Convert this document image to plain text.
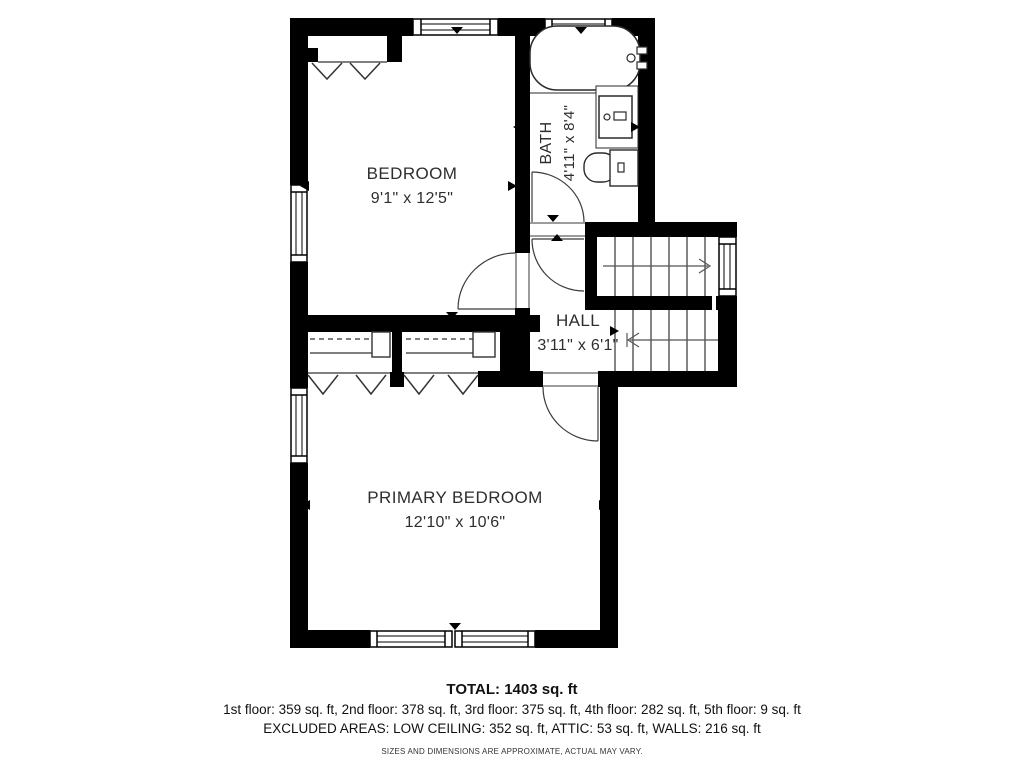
BEDROOM
9'1" x 12'5"
BATH 4'11" x 8'4"
HALL
3'11" x 6'1"
PRIMARY BEDROOM
12'10" x 10'6"
TOTAL: 1403 sq. ft
1st floor: 359 sq. ft, 2nd floor: 378 sq. ft, 3rd floor: 375 sq. ft, 4th floor: 282 sq. ft, 5th floor: 9 sq. ft
EXCLUDED AREAS: LOW CEILING: 352 sq. ft, ATTIC: 53 sq. ft, WALLS: 216 sq. ft
SIZES AND DIMENSIONS ARE APPROXIMATE, ACTUAL MAY VARY.
